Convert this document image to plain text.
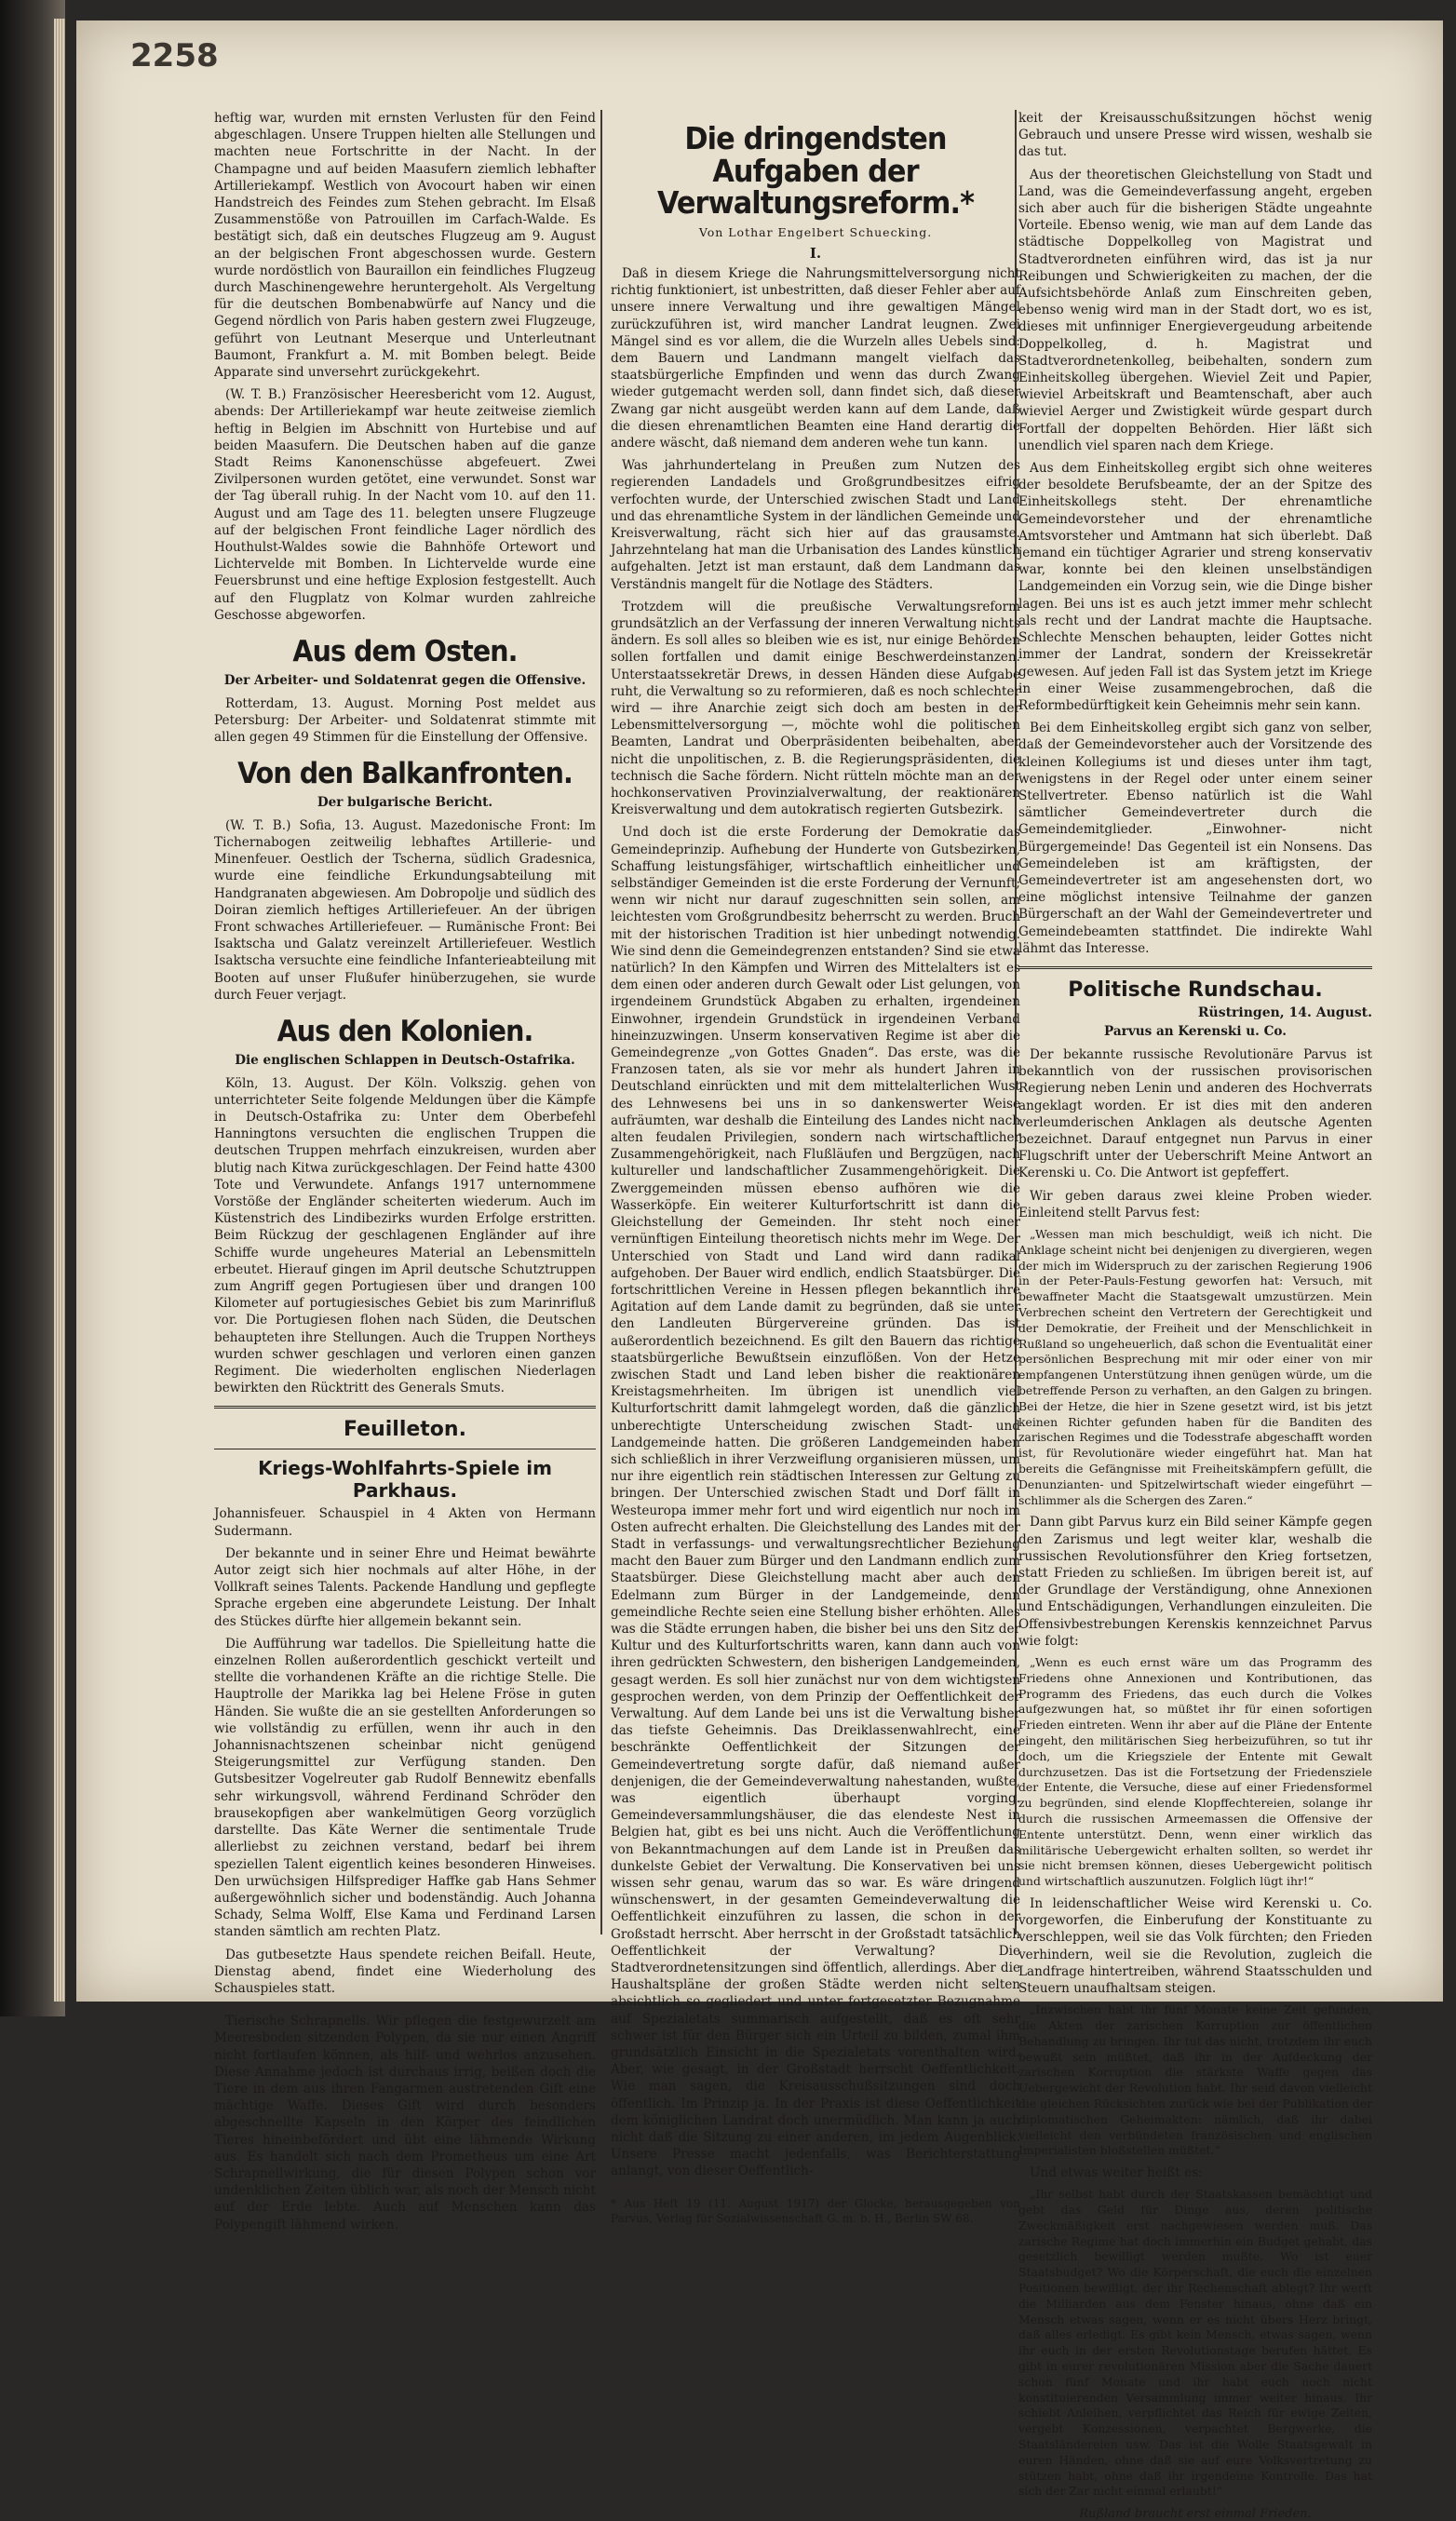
2258

heftig war, wurden mit ernsten Verlusten für den Feind abgeschlagen. Unsere Truppen hielten alle Stellungen und machten neue Fortschritte in der Nacht. In der Champagne und auf beiden Maasufern ziemlich lebhafter Artilleriekampf. Westlich von Avocourt haben wir einen Handstreich des Feindes zum Stehen gebracht. Im Elsaß Zusammenstöße von Patrouillen im Carfach-Walde. Es bestätigt sich, daß ein deutsches Flugzeug am 9. August an der belgischen Front abgeschossen wurde. Gestern wurde nordöstlich von Bauraillon ein feindliches Flugzeug durch Maschinengewehre heruntergeholt. Als Vergeltung für die deutschen Bombenabwürfe auf Nancy und die Gegend nördlich von Paris haben gestern zwei Flugzeuge, geführt von Leutnant Meserque und Unterleutnant Baumont, Frankfurt a. M. mit Bomben belegt. Beide Apparate sind unversehrt zurückgekehrt.

(W. T. B.) Französischer Heeresbericht vom 12. August, abends: Der Artilleriekampf war heute zeitweise ziemlich heftig in Belgien im Abschnitt von Hurtebise und auf beiden Maasufern. Die Deutschen haben auf die ganze Stadt Reims Kanonenschüsse abgefeuert. Zwei Zivilpersonen wurden getötet, eine verwundet. Sonst war der Tag überall ruhig. In der Nacht vom 10. auf den 11. August und am Tage des 11. belegten unsere Flugzeuge auf der belgischen Front feindliche Lager nördlich des Houthulst-Waldes sowie die Bahnhöfe Ortewort und Lichtervelde mit Bomben. In Lichtervelde wurde eine Feuersbrunst und eine heftige Explosion festgestellt. Auch auf den Flugplatz von Kolmar wurden zahlreiche Geschosse abgeworfen.

Aus dem Osten.
Der Arbeiter- und Soldatenrat gegen die Offensive.

Rotterdam, 13. August. Morning Post meldet aus Petersburg: Der Arbeiter- und Soldatenrat stimmte mit allen gegen 49 Stimmen für die Einstellung der Offensive.

Von den Balkanfronten.
Der bulgarische Bericht.

(W. T. B.) Sofia, 13. August. Mazedonische Front: Im Tichernabogen zeitweilig lebhaftes Artillerie- und Minenfeuer. Oestlich der Tscherna, südlich Gradesnica, wurde eine feindliche Erkundungsabteilung mit Handgranaten abgewiesen. Am Dobropolje und südlich des Doiran ziemlich heftiges Artilleriefeuer. An der übrigen Front schwaches Artilleriefeuer. — Rumänische Front: Bei Isaktscha und Galatz vereinzelt Artilleriefeuer. Westlich Isaktscha versuchte eine feindliche Infanterieabteilung mit Booten auf unser Flußufer hinüberzugehen, sie wurde durch Feuer verjagt.

Aus den Kolonien.
Die englischen Schlappen in Deutsch-Ostafrika.

Köln, 13. August. Der Köln. Volkszig. gehen von unterrichteter Seite folgende Meldungen über die Kämpfe in Deutsch-Ostafrika zu: Unter dem Oberbefehl Hanningtons versuchten die englischen Truppen die deutschen Truppen mehrfach einzukreisen, wurden aber blutig nach Kitwa zurückgeschlagen. Der Feind hatte 4300 Tote und Verwundete. Anfangs 1917 unternommene Vorstöße der Engländer scheiterten wiederum. Auch im Küstenstrich des Lindibezirks wurden Erfolge erstritten. Beim Rückzug der geschlagenen Engländer auf ihre Schiffe wurde ungeheures Material an Lebensmitteln erbeutet. Hierauf gingen im April deutsche Schutztruppen zum Angriff gegen Portugiesen über und drangen 100 Kilometer auf portugiesisches Gebiet bis zum Marinrifluß vor. Die Portugiesen flohen nach Süden, die Deutschen behaupteten ihre Stellungen. Auch die Truppen Northeys wurden schwer geschlagen und verloren einen ganzen Regiment. Die wiederholten englischen Niederlagen bewirkten den Rücktritt des Generals Smuts.

Feuilleton.
Kriegs-Wohlfahrts-Spiele im Parkhaus.

Johannisfeuer. Schauspiel in 4 Akten von Hermann Sudermann.

Der bekannte und in seiner Ehre und Heimat bewährte Autor zeigt sich hier nochmals auf alter Höhe, in der Vollkraft seines Talents. Packende Handlung und gepflegte Sprache ergeben eine abgerundete Leistung. Der Inhalt des Stückes dürfte hier allgemein bekannt sein.

Die Aufführung war tadellos. Die Spielleitung hatte die einzelnen Rollen außerordentlich geschickt verteilt und stellte die vorhandenen Kräfte an die richtige Stelle. Die Hauptrolle der Marikka lag bei Helene Fröse in guten Händen. Sie wußte die an sie gestellten Anforderungen so wie vollständig zu erfüllen, wenn ihr auch in den Johannisnachtszenen scheinbar nicht genügend Steigerungsmittel zur Verfügung standen. Den Gutsbesitzer Vogelreuter gab Rudolf Bennewitz ebenfalls sehr wirkungsvoll, während Ferdinand Schröder den brausekopfigen aber wankelmütigen Georg vorzüglich darstellte. Das Käte Werner die sentimentale Trude allerliebst zu zeichnen verstand, bedarf bei ihrem speziellen Talent eigentlich keines besonderen Hinweises. Den urwüchsigen Hilfsprediger Haffke gab Hans Sehmer außergewöhnlich sicher und bodenständig. Auch Johanna Schady, Selma Wolff, Else Kama und Ferdinand Larsen standen sämtlich am rechten Platz.

Das gutbesetzte Haus spendete reichen Beifall. Heute, Dienstag abend, findet eine Wiederholung des Schauspieles statt.

Tierische Schrapnells. Wir pflegen die festgewurzelt am Meeresboden sitzenden Polypen, da sie nur einen Angriff nicht fortlaufen können, als hilf- und wehrlos anzusehen. Diese Annahme jedoch ist durchaus irrig, beißen doch die Tiere in dem aus ihren Fangarmen austretenden Gift eine mächtige Waffe. Dieses Gift wird durch besonders abgeschnellte Kapseln in den Körper des feindlichen Tieres hineinbefördert und übt eine lähmende Wirkung aus. Es handelt sich nach dem Prometheus um eine Art Schrapnellwirkung, die für diesen Polypen schon vor undenklichen Zeiten üblich war, als noch der Mensch nicht auf der Erde lebte. Auch auf Menschen kann das Polypengift lähmend wirken.

Die dringendsten Aufgaben der Verwaltungsreform.*
Von Lothar Engelbert Schuecking.
I.

Daß in diesem Kriege die Nahrungsmittelversorgung nicht richtig funktioniert, ist unbestritten, daß dieser Fehler aber auf unsere innere Verwaltung und ihre gewaltigen Mängel zurückzuführen ist, wird mancher Landrat leugnen. Zwei Mängel sind es vor allem, die die Wurzeln alles Uebels sind: dem Bauern und Landmann mangelt vielfach das staatsbürgerliche Empfinden und wenn das durch Zwang wieder gutgemacht werden soll, dann findet sich, daß dieser Zwang gar nicht ausgeübt werden kann auf dem Lande, daß die diesen ehrenamtlichen Beamten eine Hand derartig die andere wäscht, daß niemand dem anderen wehe tun kann.

Was jahrhundertelang in Preußen zum Nutzen des regierenden Landadels und Großgrundbesitzes eifrig verfochten wurde, der Unterschied zwischen Stadt und Land und das ehrenamtliche System in der ländlichen Gemeinde und Kreisverwaltung, rächt sich hier auf das grausamste. Jahrzehntelang hat man die Urbanisation des Landes künstlich aufgehalten. Jetzt ist man erstaunt, daß dem Landmann das Verständnis mangelt für die Notlage des Städters.

Trotzdem will die preußische Verwaltungsreform grundsätzlich an der Verfassung der inneren Verwaltung nichts ändern. Es soll alles so bleiben wie es ist, nur einige Behörden sollen fortfallen und damit einige Beschwerdeinstanzen. Unterstaatssekretär Drews, in dessen Händen diese Aufgabe ruht, die Verwaltung so zu reformieren, daß es noch schlechter wird — ihre Anarchie zeigt sich doch am besten in der Lebensmittelversorgung —, möchte wohl die politischen Beamten, Landrat und Oberpräsidenten beibehalten, aber nicht die unpolitischen, z. B. die Regierungspräsidenten, die technisch die Sache fördern. Nicht rütteln möchte man an der hochkonservativen Provinzialverwaltung, der reaktionären Kreisverwaltung und dem autokratisch regierten Gutsbezirk.

Und doch ist die erste Forderung der Demokratie das Gemeindeprinzip. Aufhebung der Hunderte von Gutsbezirken, Schaffung leistungsfähiger, wirtschaftlich einheitlicher und selbständiger Gemeinden ist die erste Forderung der Vernunft; wenn wir nicht nur darauf zugeschnitten sein sollen, am leichtesten vom Großgrundbesitz beherrscht zu werden. Bruch mit der historischen Tradition ist hier unbedingt notwendig. Wie sind denn die Gemeindegrenzen entstanden? Sind sie etwa natürlich? In den Kämpfen und Wirren des Mittelalters ist es dem einen oder anderen durch Gewalt oder List gelungen, von irgendeinem Grundstück Abgaben zu erhalten, irgendeinen Einwohner, irgendein Grundstück in irgendeinen Verband hineinzuzwingen. Unserm konservativen Regime ist aber die Gemeindegrenze „von Gottes Gnaden“. Das erste, was die Franzosen taten, als sie vor mehr als hundert Jahren in Deutschland einrückten und mit dem mittelalterlichen Wust des Lehnwesens bei uns in so dankenswerter Weise aufräumten, war deshalb die Einteilung des Landes nicht nach alten feudalen Privilegien, sondern nach wirtschaftlicher Zusammengehörigkeit, nach Flußläufen und Bergzügen, nach kultureller und landschaftlicher Zusammengehörigkeit. Die Zwerggemeinden müssen ebenso aufhören wie die Wasserköpfe. Ein weiterer Kulturfortschritt ist dann die Gleichstellung der Gemeinden. Ihr steht noch einer vernünftigen Einteilung theoretisch nichts mehr im Wege. Der Unterschied von Stadt und Land wird dann radikal aufgehoben. Der Bauer wird endlich, endlich Staatsbürger. Die fortschrittlichen Vereine in Hessen pflegen bekanntlich ihre Agitation auf dem Lande damit zu begründen, daß sie unter den Landleuten Bürgervereine gründen. Das ist außerordentlich bezeichnend. Es gilt den Bauern das richtige staatsbürgerliche Bewußtsein einzuflößen. Von der Hetze zwischen Stadt und Land leben bisher die reaktionären Kreistagsmehrheiten. Im übrigen ist unendlich viel Kulturfortschritt damit lahmgelegt worden, daß die gänzlich unberechtigte Unterscheidung zwischen Stadt- und Landgemeinde hatten. Die größeren Landgemeinden haben sich schließlich in ihrer Verzweiflung organisieren müssen, um nur ihre eigentlich rein städtischen Interessen zur Geltung zu bringen. Der Unterschied zwischen Stadt und Dorf fällt in Westeuropa immer mehr fort und wird eigentlich nur noch im Osten aufrecht erhalten. Die Gleichstellung des Landes mit der Stadt in verfassungs- und verwaltungsrechtlicher Beziehung macht den Bauer zum Bürger und den Landmann endlich zum Staatsbürger. Diese Gleichstellung macht aber auch den Edelmann zum Bürger in der Landgemeinde, denn gemeindliche Rechte seien eine Stellung bisher erhöhten. Alles was die Städte errungen haben, die bisher bei uns den Sitz der Kultur und des Kulturfortschritts waren, kann dann auch von ihren gedrückten Schwestern, den bisherigen Landgemeinden, gesagt werden. Es soll hier zunächst nur von dem wichtigsten gesprochen werden, von dem Prinzip der Oeffentlichkeit der Verwaltung. Auf dem Lande bei uns ist die Verwaltung bisher das tiefste Geheimnis. Das Dreiklassenwahlrecht, eine beschränkte Oeffentlichkeit der Sitzungen der Gemeindevertretung sorgte dafür, daß niemand außer denjenigen, die der Gemeindeverwaltung nahestanden, wußte, was eigentlich überhaupt vorging. Gemeindeversammlungshäuser, die das elendeste Nest in Belgien hat, gibt es bei uns nicht. Auch die Veröffentlichung von Bekanntmachungen auf dem Lande ist in Preußen das dunkelste Gebiet der Verwaltung. Die Konservativen bei uns wissen sehr genau, warum das so war. Es wäre dringend wünschenswert, in der gesamten Gemeindeverwaltung die Oeffentlichkeit einzuführen zu lassen, die schon in der Großstadt herrscht. Aber herrscht in der Großstadt tatsächlich Oeffentlichkeit der Verwaltung? Die Stadtverordnetensitzungen sind öffentlich, allerdings. Aber die Haushaltspläne der großen Städte werden nicht selten absichtlich so gegliedert und unter fortgesetzter Bezugnahme auf Spezialetats summarisch aufgestellt, daß es oft sehr schwer ist für den Bürger sich ein Urteil zu bilden, zumal ihm grundsätzlich Einsicht in die Spezialetats vorenthalten wird. Aber, wie gesagt, in der Großstadt herrscht Oeffentlichkeit. Wie man sagen, die Kreisausschußsitzungen sind doch öffentlich. Im Prinzip ja. In der Praxis ist diese Oeffentlichkeit dem königlichen Landrat doch unermüdlich. Man kann ja auch nicht daß die Sitzung zu einer anderen, im jedem Augenblick. Unsere Presse macht jedenfalls, was Berichterstattung anlangt, von dieser Oeffentlich-

* Aus Heft 19 (11. August 1917) der Glocke, herausgegeben von Parvus, Verlag für Sozialwissenschaft G. m. b. H., Berlin SW 68.

keit der Kreisausschußsitzungen höchst wenig Gebrauch und unsere Presse wird wissen, weshalb sie das tut.

Aus der theoretischen Gleichstellung von Stadt und Land, was die Gemeindeverfassung angeht, ergeben sich aber auch für die bisherigen Städte ungeahnte Vorteile. Ebenso wenig, wie man auf dem Lande das städtische Doppelkolleg von Magistrat und Stadtverordneten einführen wird, das ist ja nur Reibungen und Schwierigkeiten zu machen, der die Aufsichtsbehörde Anlaß zum Einschreiten geben, ebenso wenig wird man in der Stadt dort, wo es ist, dieses mit unfinniger Energievergeudung arbeitende Doppelkolleg, d. h. Magistrat und Stadtverordnetenkolleg, beibehalten, sondern zum Einheitskolleg übergehen. Wieviel Zeit und Papier, wieviel Arbeitskraft und Beamtenschaft, aber auch wieviel Aerger und Zwistigkeit würde gespart durch Fortfall der doppelten Behörden. Hier läßt sich unendlich viel sparen nach dem Kriege.

Aus dem Einheitskolleg ergibt sich ohne weiteres der besoldete Berufsbeamte, der an der Spitze des Einheitskollegs steht. Der ehrenamtliche Gemeindevorsteher und der ehrenamtliche Amtsvorsteher und Amtmann hat sich überlebt. Daß jemand ein tüchtiger Agrarier und streng konservativ war, konnte bei den kleinen unselbständigen Landgemeinden ein Vorzug sein, wie die Dinge bisher lagen. Bei uns ist es auch jetzt immer mehr schlecht als recht und der Landrat machte die Hauptsache. Schlechte Menschen behaupten, leider Gottes nicht immer der Landrat, sondern der Kreissekretär gewesen. Auf jeden Fall ist das System jetzt im Kriege in einer Weise zusammengebrochen, daß die Reformbedürftigkeit kein Geheimnis mehr sein kann.

Bei dem Einheitskolleg ergibt sich ganz von selber, daß der Gemeindevorsteher auch der Vorsitzende des kleinen Kollegiums ist und dieses unter ihm tagt, wenigstens in der Regel oder unter einem seiner Stellvertreter. Ebenso natürlich ist die Wahl sämtlicher Gemeindevertreter durch die Gemeindemitglieder. „Einwohner- nicht Bürgergemeinde! Das Gegenteil ist ein Nonsens. Das Gemeindeleben ist am kräftigsten, der Gemeindevertreter ist am angesehensten dort, wo eine möglichst intensive Teilnahme der ganzen Bürgerschaft an der Wahl der Gemeindevertreter und Gemeindebeamten stattfindet. Die indirekte Wahl lähmt das Interesse.

Politische Rundschau.
Rüstringen, 14. August.
Parvus an Kerenski u. Co.

Der bekannte russische Revolutionäre Parvus ist bekanntlich von der russischen provisorischen Regierung neben Lenin und anderen des Hochverrats angeklagt worden. Er ist dies mit den anderen verleumderischen Anklagen als deutsche Agenten bezeichnet. Darauf entgegnet nun Parvus in einer Flugschrift unter der Ueberschrift Meine Antwort an Kerenski u. Co. Die Antwort ist gepfeffert.

Wir geben daraus zwei kleine Proben wieder. Einleitend stellt Parvus fest:

„Wessen man mich beschuldigt, weiß ich nicht. Die Anklage scheint nicht bei denjenigen zu divergieren, wegen der mich im Widerspruch zu der zarischen Regierung 1906 in der Peter-Pauls-Festung geworfen hat: Versuch, mit bewaffneter Macht die Staatsgewalt umzustürzen. Mein Verbrechen scheint den Vertretern der Gerechtigkeit und der Demokratie, der Freiheit und der Menschlichkeit in Rußland so ungeheuerlich, daß schon die Eventualität einer persönlichen Besprechung mit mir oder einer von mir empfangenen Unterstützung ihnen genügen würde, um die betreffende Person zu verhaften, an den Galgen zu bringen. Bei der Hetze, die hier in Szene gesetzt wird, ist bis jetzt keinen Richter gefunden haben für die Banditen des zarischen Regimes und die Todesstrafe abgeschafft worden ist, für Revolutionäre wieder eingeführt hat. Man hat bereits die Gefängnisse mit Freiheitskämpfern gefüllt, die Denunzianten- und Spitzelwirtschaft wieder eingeführt — schlimmer als die Schergen des Zaren.“

Dann gibt Parvus kurz ein Bild seiner Kämpfe gegen den Zarismus und legt weiter klar, weshalb die russischen Revolutionsführer den Krieg fortsetzen, statt Frieden zu schließen. Im übrigen bereit ist, auf der Grundlage der Verständigung, ohne Annexionen und Entschädigungen, Verhandlungen einzuleiten. Die Offensivbestrebungen Kerenskis kennzeichnet Parvus wie folgt:

„Wenn es euch ernst wäre um das Programm des Friedens ohne Annexionen und Kontributionen, das Programm des Friedens, das euch durch die Volkes aufgezwungen hat, so müßtet ihr für einen sofortigen Frieden eintreten. Wenn ihr aber auf die Pläne der Entente eingeht, den militärischen Sieg herbeizuführen, so tut ihr doch, um die Kriegsziele der Entente mit Gewalt durchzusetzen. Das ist die Fortsetzung der Friedensziele der Entente, die Versuche, diese auf einer Friedensformel zu begründen, sind elende Klopffechtereien, solange ihr durch die russischen Armeemassen die Offensive der Entente unterstützt. Denn, wenn einer wirklich das militärische Uebergewicht erhalten sollten, so werdet ihr sie nicht bremsen können, dieses Uebergewicht politisch und wirtschaftlich auszunutzen. Folglich lügt ihr!“

In leidenschaftlicher Weise wird Kerenski u. Co. vorgeworfen, die Einberufung der Konstituante zu verschleppen, weil sie das Volk fürchten; den Frieden verhindern, weil sie die Revolution, zugleich die Landfrage hintertreiben, während Staatsschulden und Steuern unaufhaltsam steigen.

„Inzwischen habt ihr fünf Monate keine Zeit gefunden, die Akten der zarischen Korruption zur öffentlichen Behandlung zu bringen. Ihr tut das nicht, trotzdem ihr euch bewußt sein müßtet, daß ihr in der Aufdeckung der zarischen Korruption die stärkste Waffe gegen das Uebergewicht der Revolution habt. Ihr seid davon vielleicht die gleichen Rücksichten zurück wie bei der Publikation der diplomatischen Geheimakten: nämlich, daß ihr dabei vielleicht den verbündeten französischen und englischen Imperialisten bloßstellen müßtet.“

Und etwas weiter heißt es:

„Ihr selbst habt durch der Staatskassen bemächtigt und gebt das Geld für Dinge aus, deren politische Zweckmäßigkeit erst nachgewiesen werden muß. Das zarische Regime hat doch immerhin ein Budget gehabt, das gesetzlich bewilligt werden mußte. Wo ist euer Staatsbudget? Wo die Körperschaft, die euch die einzelnen Positionen bewilligt, der ihr Rechenschaft ablegt? Ihr werft die Milliarden aus dem Fenster hinaus, ohne daß ein Mensch etwas sagen, wenn er es nicht übers Herz bringt, daß alles erledigt. Es gibt kein Mensch, etwas sagen, wenn ihr euch in der ersten Revolutionstage berufen hättet. Es gibt in eurer revolutionären Mission aber die Sache dauert schon fünf Monate und ihr habt euch noch nicht konstituierenden Versammlung immer weiter hinaus. Ihr schiebt Anleihen, verpflichtet das Reich für ewige Zeiten, vergebt Konzessionen, verpachtet Bergwerke, die Staatsländereien usw. Das ist die Wolle Staatsgewalt in euren Händen, ohne daß sie auf eure Volksvertretung zu stützen habt, ohne daß ihr irgendeine Kontrolle. Das hat sich der Zar nicht einmal erlaubt!“

Rußland braucht erst einmal Frieden.
